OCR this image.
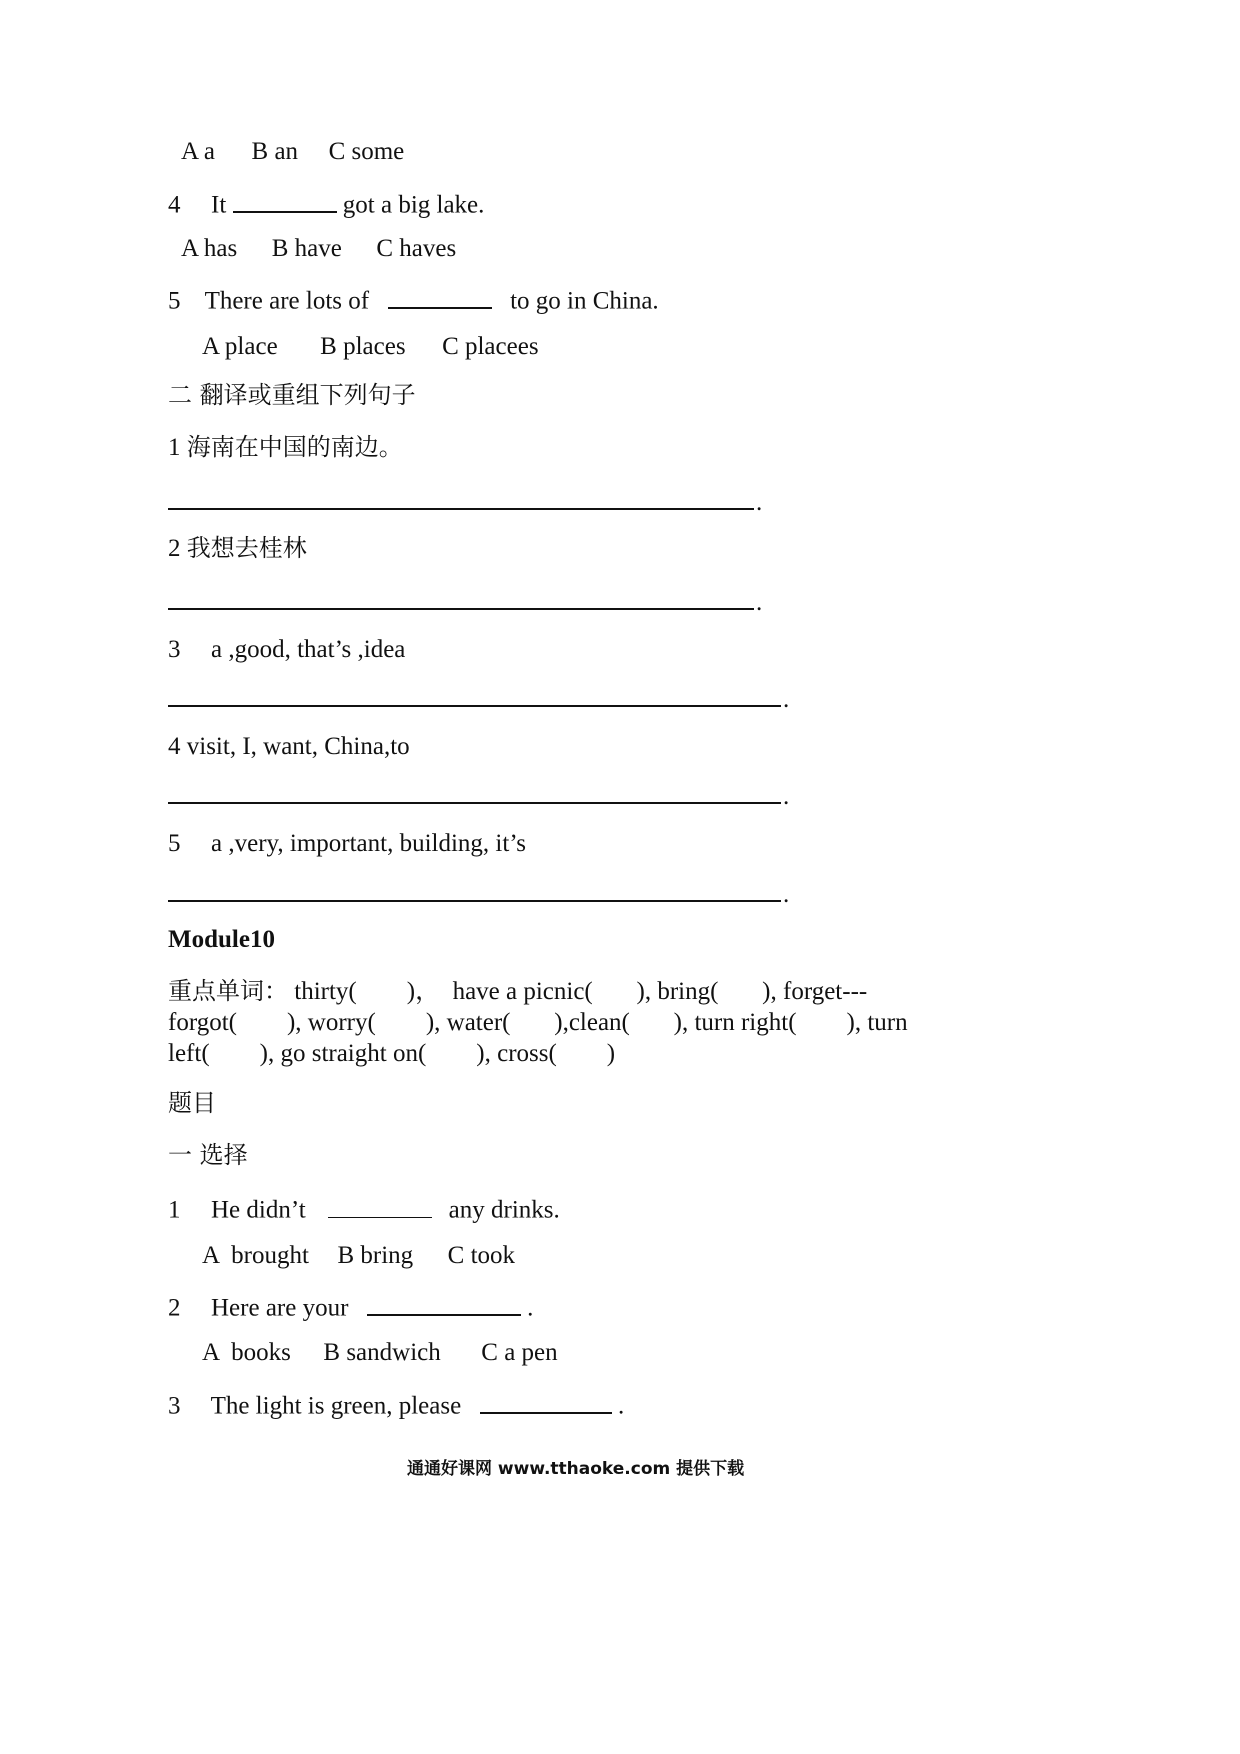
A a B an C some
4 It	got a big lake.
A has B have C haves
5 There are lots of	to go in China.
A place B places C placees
二 翻译或重组下列句子
1 海南在中国的南边。
.
2 我想去桂林
.
3 a ,good, that’s ,idea
.
4 visit, I, want, China,to
.
5 a ,very, important, building, it’s
.
Module10
重点单词： thirty(        )，  have a picnic(       ), bring(       ), forget---
forgot(        ), worry(        ), water(       ),clean(       ), turn right(        ), turn
left(        ), go straight on(        ), cross(        )
题目
一 选择
1 He didn’t	any drinks.
A  brought B bring C took
2 Here are your	.
A  books B sandwich C a pen
3 The light is green, please	.
通通好课网 www.tthaoke.com 提供下载
